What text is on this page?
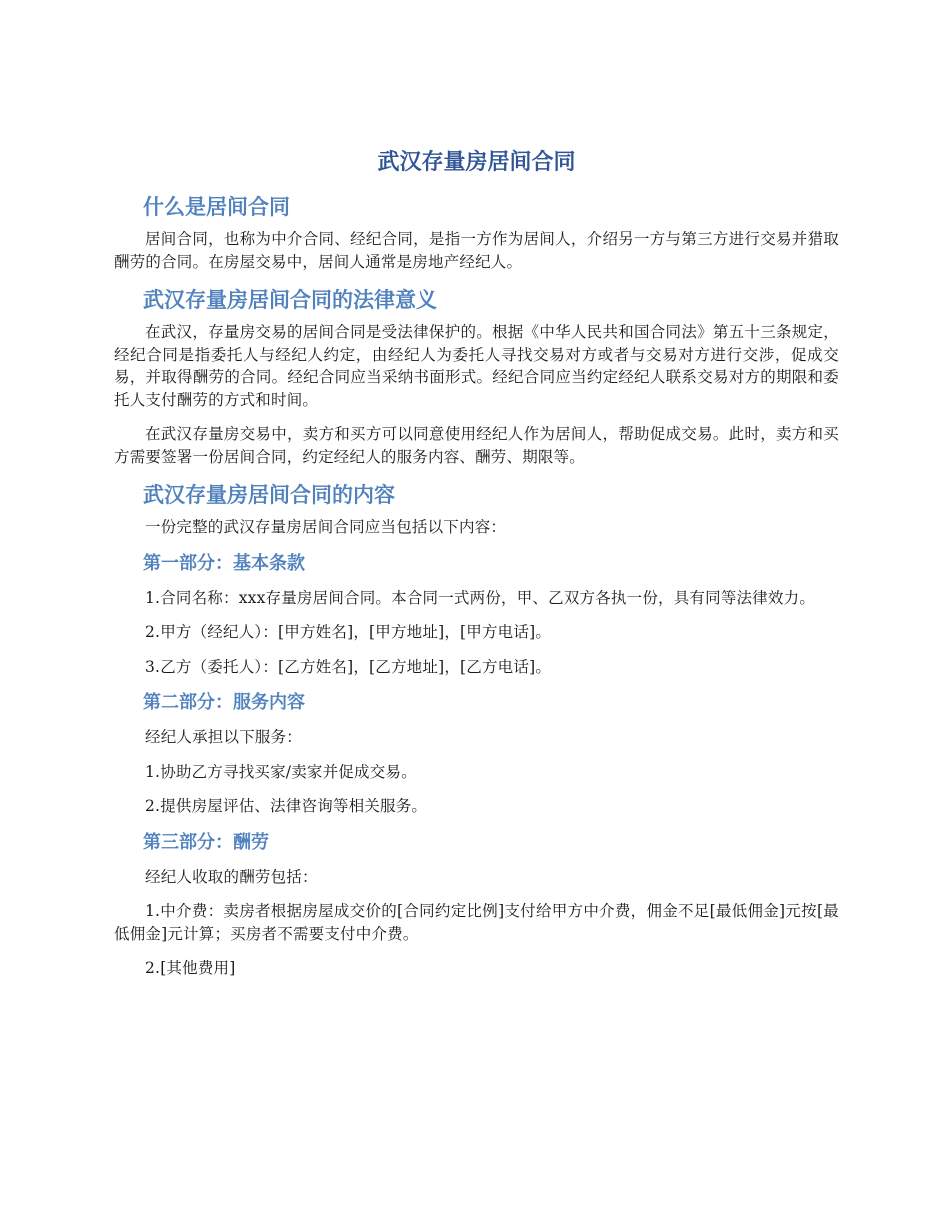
武汉存量房居间合同
什么是居间合同

居间合同，也称为中介合同、经纪合同，是指一方作为居间人，介绍另一方与第三方进行交易并猎取酬劳的合同。在房屋交易中，居间人通常是房地产经纪人。

武汉存量房居间合同的法律意义

在武汉，存量房交易的居间合同是受法律保护的。根据《中华人民共和国合同法》第五十三条规定，经纪合同是指委托人与经纪人约定，由经纪人为委托人寻找交易对方或者与交易对方进行交涉，促成交易，并取得酬劳的合同。经纪合同应当采纳书面形式。经纪合同应当约定经纪人联系交易对方的期限和委托人支付酬劳的方式和时间。

在武汉存量房交易中，卖方和买方可以同意使用经纪人作为居间人，帮助促成交易。此时，卖方和买方需要签署一份居间合同，约定经纪人的服务内容、酬劳、期限等。

武汉存量房居间合同的内容

一份完整的武汉存量房居间合同应当包括以下内容：

第一部分：基本条款

1.合同名称：xxx存量房居间合同。本合同一式两份，甲、乙双方各执一份，具有同等法律效力。

2.甲方（经纪人）：[甲方姓名]，[甲方地址]，[甲方电话]。

3.乙方（委托人）：[乙方姓名]，[乙方地址]，[乙方电话]。

第二部分：服务内容

经纪人承担以下服务：

1.协助乙方寻找买家/卖家并促成交易。

2.提供房屋评估、法律咨询等相关服务。

第三部分：酬劳

经纪人收取的酬劳包括：

1.中介费：卖房者根据房屋成交价的[合同约定比例]支付给甲方中介费，佣金不足[最低佣金]元按[最低佣金]元计算；买房者不需要支付中介费。

2.[其他费用]
